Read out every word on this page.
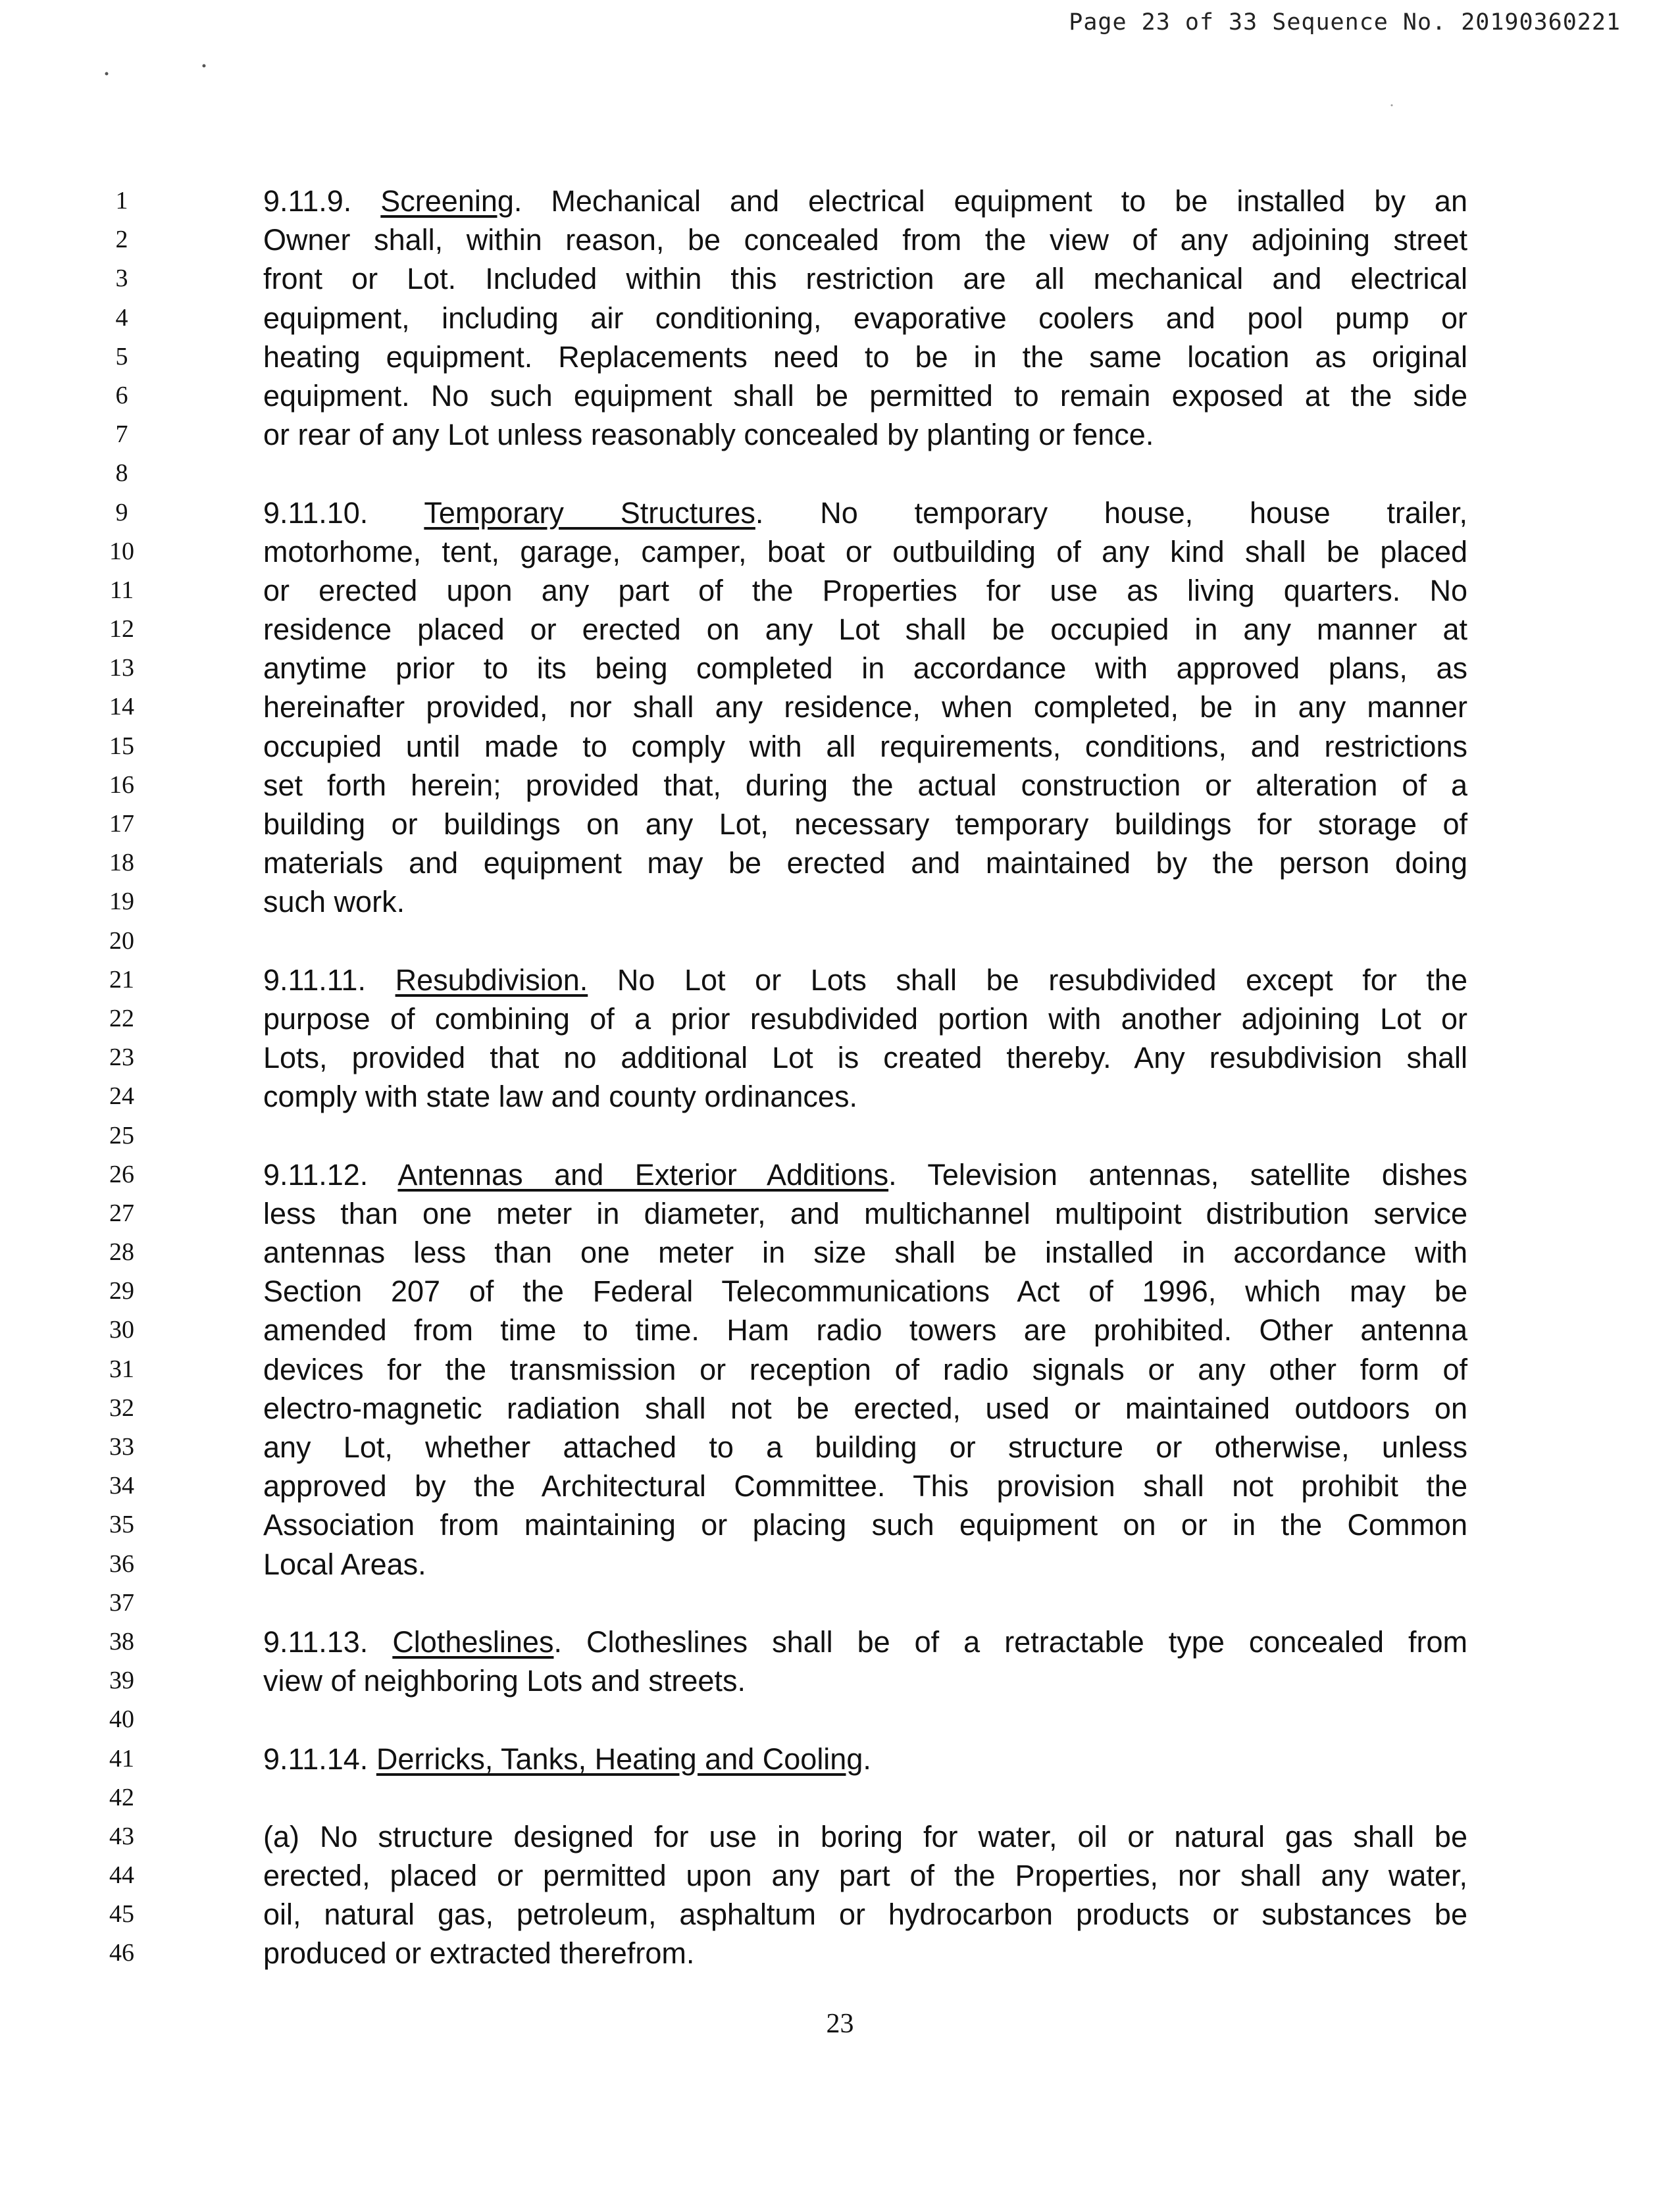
Page 23 of 33 Sequence No. 20190360221
1
2
3
4
5
6
7
8
9
10
11
12
13
14
15
16
17
18
19
20
21
22
23
24
25
26
27
28
29
30
31
32
33
34
35
36
37
38
39
40
41
42
43
44
45
46

9.11.9. Screening. Mechanical and electrical equipment to be installed by an

Owner shall, within reason, be concealed from the view of any adjoining street

front or Lot. Included within this restriction are all mechanical and electrical

equipment, including air conditioning, evaporative coolers and pool pump or

heating equipment. Replacements need to be in the same location as original

equipment. No such equipment shall be permitted to remain exposed at the side

or rear of any Lot unless reasonably concealed by planting or fence.

9.11.10. Temporary Structures. No temporary house, house trailer,

motorhome, tent, garage, camper, boat or outbuilding of any kind shall be placed

or erected upon any part of the Properties for use as living quarters. No

residence placed or erected on any Lot shall be occupied in any manner at

anytime prior to its being completed in accordance with approved plans, as

hereinafter provided, nor shall any residence, when completed, be in any manner

occupied until made to comply with all requirements, conditions, and restrictions

set forth herein; provided that, during the actual construction or alteration of a

building or buildings on any Lot, necessary temporary buildings for storage of

materials and equipment may be erected and maintained by the person doing

such work.

9.11.11. Resubdivision. No Lot or Lots shall be resubdivided except for the

purpose of combining of a prior resubdivided portion with another adjoining Lot or

Lots, provided that no additional Lot is created thereby. Any resubdivision shall

comply with state law and county ordinances.

9.11.12. Antennas and Exterior Additions. Television antennas, satellite dishes

less than one meter in diameter, and multichannel multipoint distribution service

antennas less than one meter in size shall be installed in accordance with

Section 207 of the Federal Telecommunications Act of 1996, which may be

amended from time to time. Ham radio towers are prohibited. Other antenna

devices for the transmission or reception of radio signals or any other form of

electro-magnetic radiation shall not be erected, used or maintained outdoors on

any Lot, whether attached to a building or structure or otherwise, unless

approved by the Architectural Committee. This provision shall not prohibit the

Association from maintaining or placing such equipment on or in the Common

Local Areas.

9.11.13. Clotheslines. Clotheslines shall be of a retractable type concealed from

view of neighboring Lots and streets.

9.11.14. Derricks, Tanks, Heating and Cooling.

(a) No structure designed for use in boring for water, oil or natural gas shall be

erected, placed or permitted upon any part of the Properties, nor shall any water,

oil, natural gas, petroleum, asphaltum or hydrocarbon products or substances be

produced or extracted therefrom.

23
